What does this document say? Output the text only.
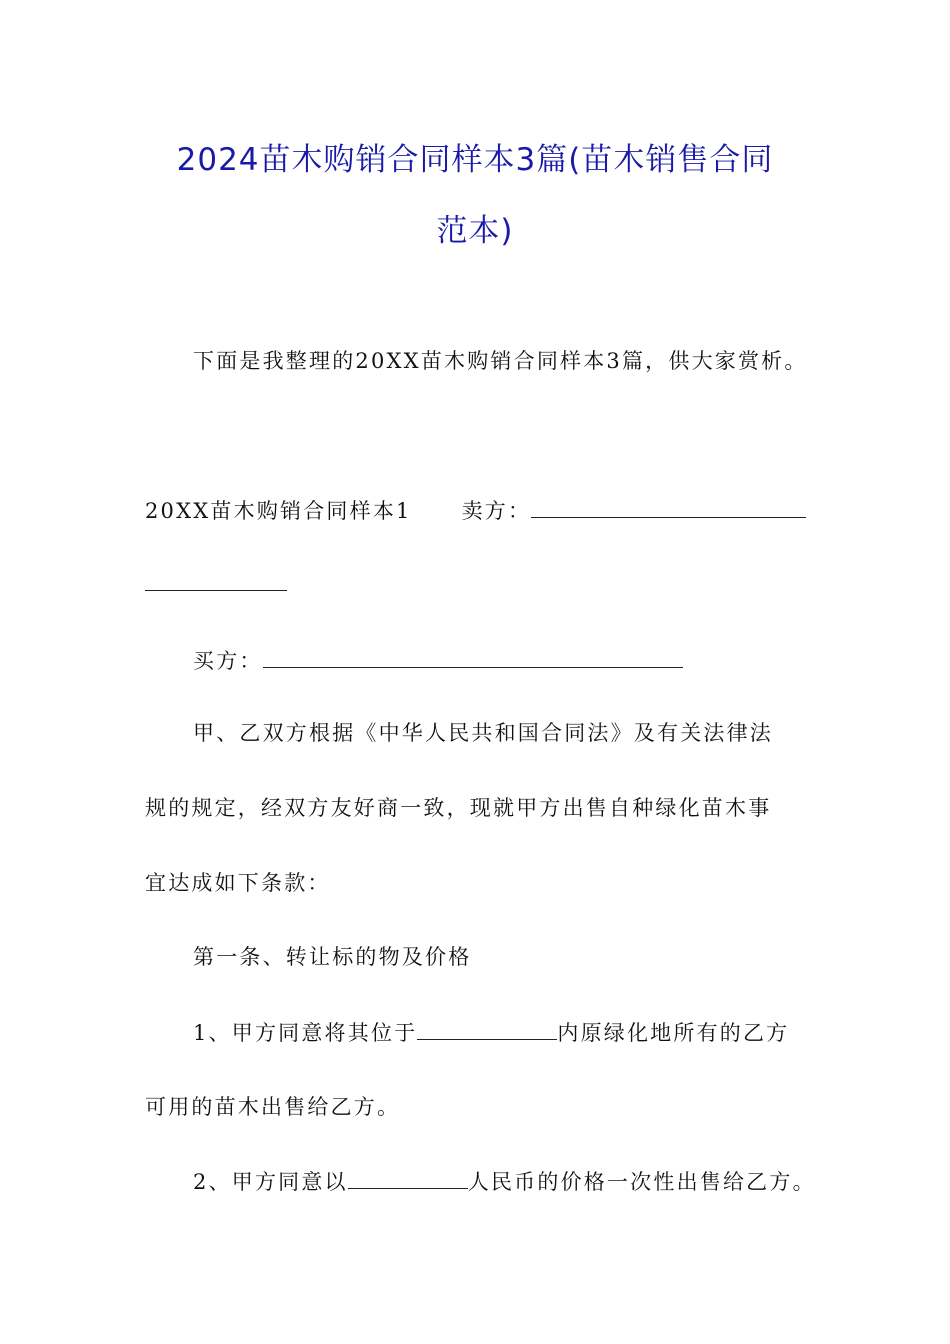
2024苗木购销合同样本3篇(苗木销售合同
范本)
下面是我整理的20XX苗木购销合同样本3篇，供大家赏析。
20XX苗木购销合同样本1 卖方：
买方：
甲、乙双方根据《中华人民共和国合同法》及有关法律法
规的规定，经双方友好商一致，现就甲方出售自种绿化苗木事
宜达成如下条款：
第一条、转让标的物及价格
1、甲方同意将其位于	内原绿化地所有的乙方
可用的苗木出售给乙方。
2、甲方同意以	人民币的价格一次性出售给乙方。
